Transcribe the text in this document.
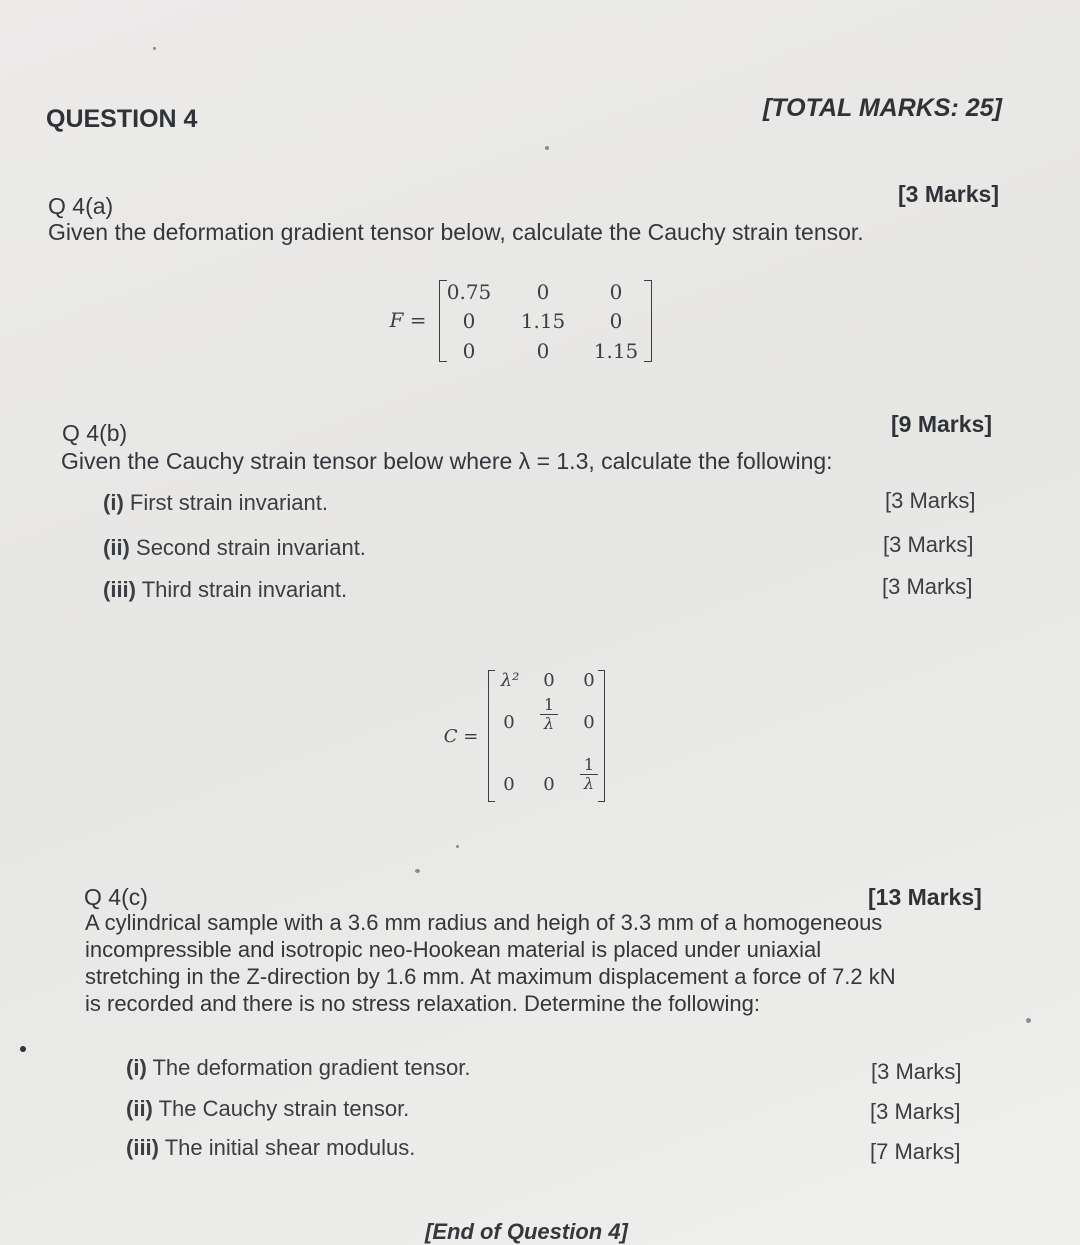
QUESTION 4	[TOTAL MARKS: 25]
Q 4(a)	[3 Marks]
Given the deformation gradient tensor below, calculate the Cauchy strain tensor.
F =
0.75	0	0
0	1.15	0
0	0	1.15
Q 4(b)	[9 Marks]
Given the Cauchy strain tensor below where λ = 1.3, calculate the following:
(i) First strain invariant.	[3 Marks]
(ii) Second strain invariant.	[3 Marks]
(iii) Third strain invariant.	[3 Marks]
C =
λ²	0	0
0	$\frac{1}{\lambda}$	0
0	0	$\frac{1}{\lambda}$
Q 4(c)	[13 Marks]
A cylindrical sample with a 3.6 mm radius and heigh of 3.3 mm of a homogeneous
incompressible and isotropic neo-Hookean material is placed under uniaxial
stretching in the Z-direction by 1.6 mm. At maximum displacement a force of 7.2 kN
is recorded and there is no stress relaxation. Determine the following:
(i) The deformation gradient tensor.	[3 Marks]
(ii) The Cauchy strain tensor.	[3 Marks]
(iii) The initial shear modulus.	[7 Marks]
[End of Question 4]
